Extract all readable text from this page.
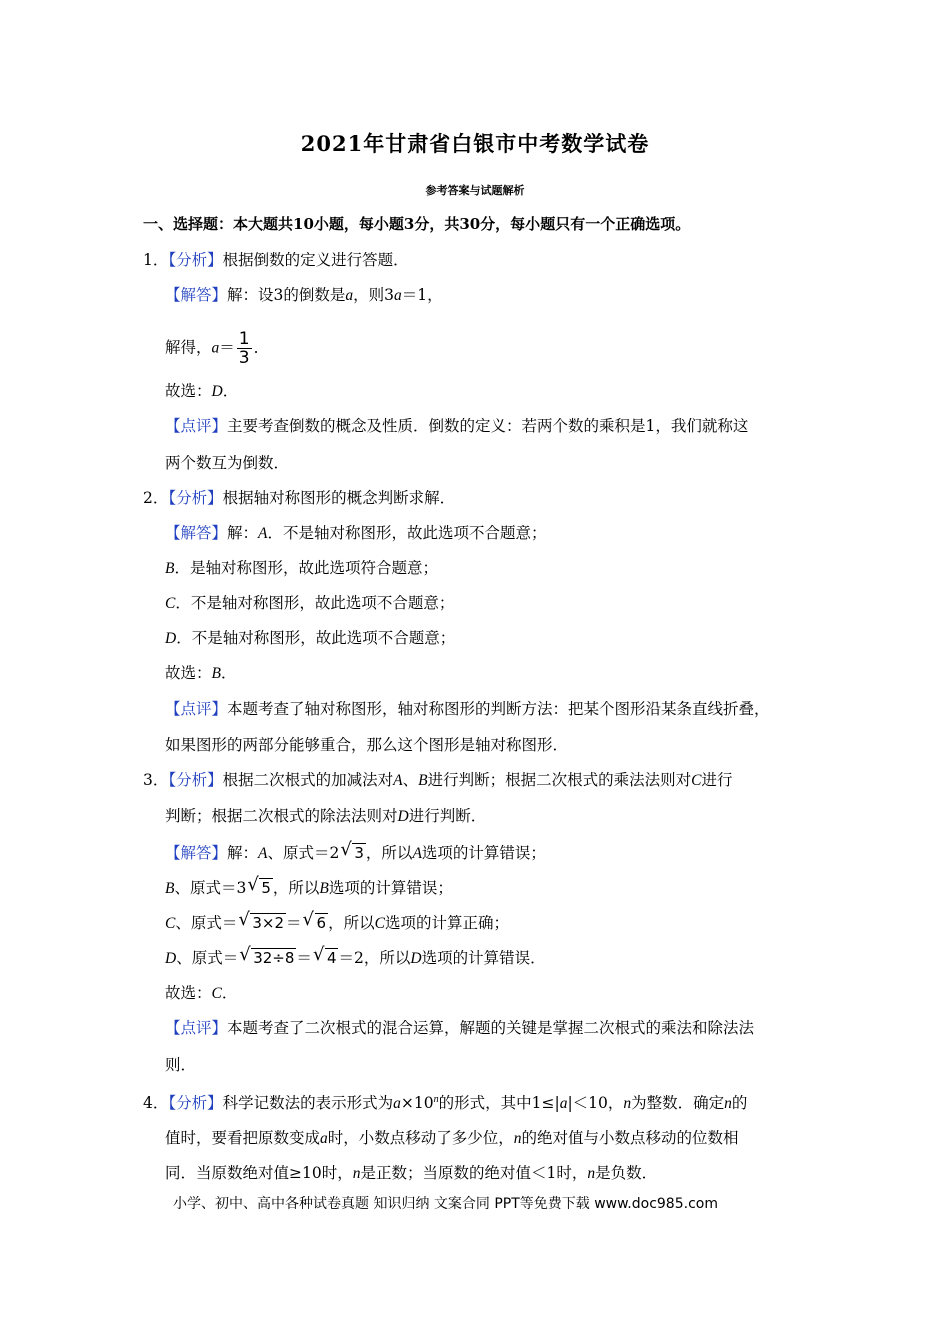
2021年甘肃省白银市中考数学试卷
参考答案与试题解析
一、选择题：本大题共10小题，每小题3分，共30分，每小题只有一个正确选项。
1．【分析】根据倒数的定义进行答题．
【解答】解：设3的倒数是a，则3a＝1，
解得，$a= \frac{1}{3}$ ．
故选：D．
【点评】主要考查倒数的概念及性质．倒数的定义：若两个数的乘积是1，我们就称这
两个数互为倒数．
2．【分析】根据轴对称图形的概念判断求解．
【解答】解：A．不是轴对称图形，故此选项不合题意；
B．是轴对称图形，故此选项符合题意；
C．不是轴对称图形，故此选项不合题意；
D．不是轴对称图形，故此选项不合题意；
故选：B．
【点评】本题考查了轴对称图形，轴对称图形的判断方法：把某个图形沿某条直线折叠，
如果图形的两部分能够重合，那么这个图形是轴对称图形．
3．【分析】根据二次根式的加减法对A、B进行判断；根据二次根式的乘法法则对C进行
判断；根据二次根式的除法法则对D进行判断．
【解答】解：A、原式＝2 √ 3 ，所以A选项的计算错误；
B、原式＝3 √ 5 ，所以B选项的计算错误；
C、原式＝ √ 3×2 ＝ √ 6 ，所以C选项的计算正确；
D、原式＝ √ 32÷8 ＝ √ 4 ＝2，所以D选项的计算错误．
故选：C．
【点评】本题考查了二次根式的混合运算，解题的关键是掌握二次根式的乘法和除法法
则．
4．【分析】科学记数法的表示形式为$a\times 10^n$的形式，其中1≤|a|＜10，n为整数．确定n的
值时，要看把原数变成a时，小数点移动了多少位，n的绝对值与小数点移动的位数相
同．当原数绝对值≥10时，n是正数；当原数的绝对值＜1时，n是负数．
小学、初中、高中各种试卷真题 知识归纳 文案合同 PPT等免费下载 www.doc985.com
